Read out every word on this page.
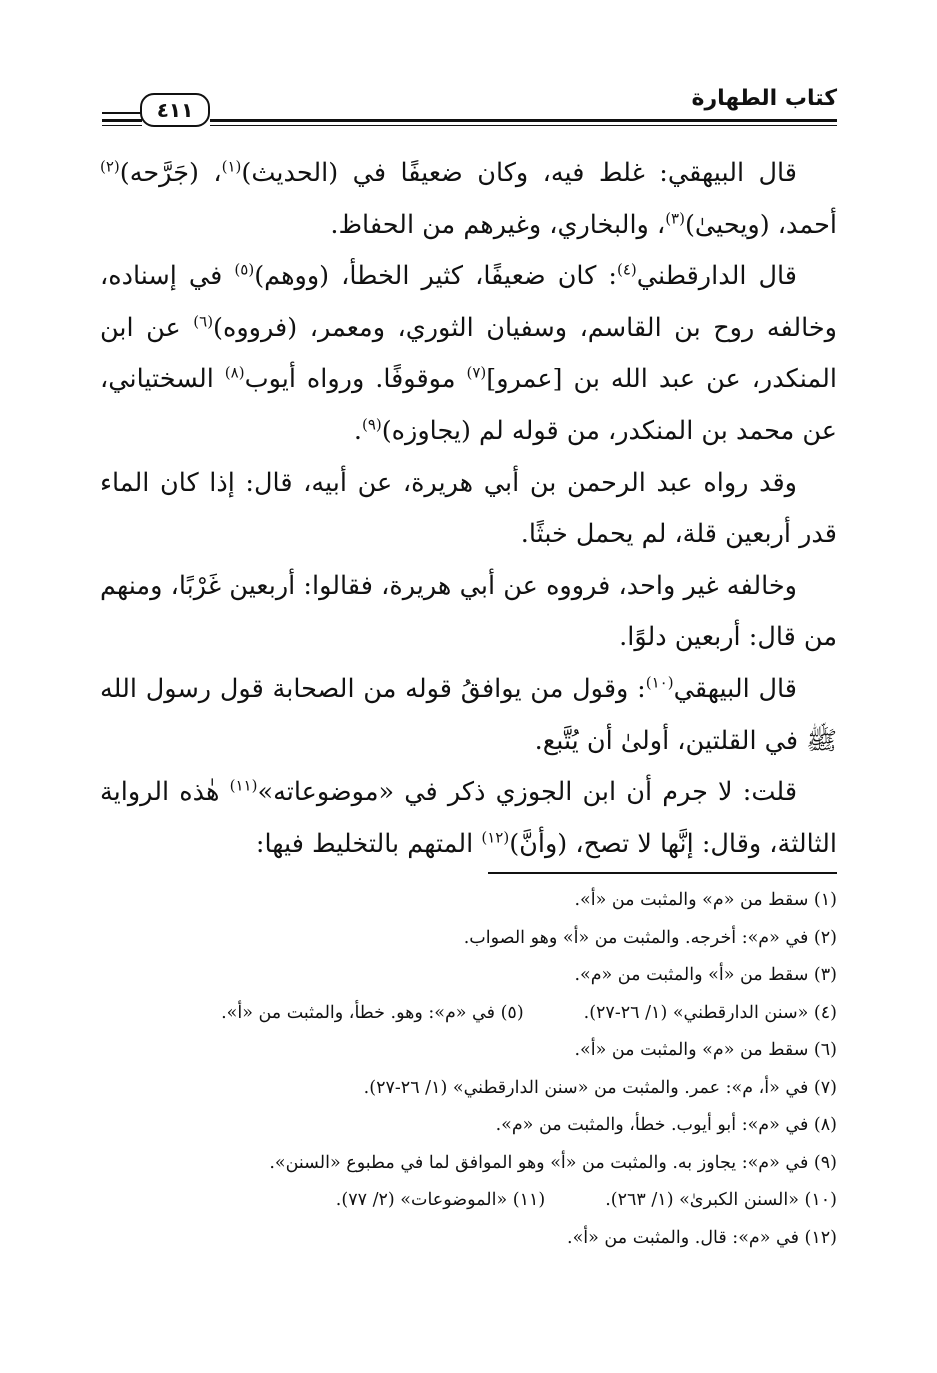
كتاب الطهارة
٤١١

قال البيهقي: غلط فيه، وكان ضعيفًا في (الحديث)$^{(١)}$، (جَرَّحه)$^{(٢)}$ أحمد، (ويحيىٰ)$^{(٣)}$، والبخاري، وغيرهم من الحفاظ.

قال الدارقطني$^{(٤)}$: كان ضعيفًا، كثير الخطأ، (ووهم)$^{(٥)}$ في إسناده، وخالفه روح بن القاسم، وسفيان الثوري، ومعمر، (فرووه)$^{(٦)}$ عن ابن المنكدر، عن عبد الله بن [عمرو]$^{(٧)}$ موقوفًا. ورواه أيوب$^{(٨)}$ السختياني، عن محمد بن المنكدر، من قوله لم (يجاوزه)$^{(٩)}$.

وقد رواه عبد الرحمن بن أبي هريرة، عن أبيه، قال: إذا كان الماء قدر أربعين قلة، لم يحمل خبثًا.

وخالفه غير واحد، فرووه عن أبي هريرة، فقالوا: أربعين غَرْبًا، ومنهم من قال: أربعين دلوًا.

قال البيهقي$^{(١٠)}$: وقول من يوافقُ قوله من الصحابة قول رسول الله ﷺ في القلتين، أولىٰ أن يُتَّبع.

قلت: لا جرم أن ابن الجوزي ذكر في «موضوعاته»$^{(١١)}$ هٰذه الرواية الثالثة، وقال: إنَّها لا تصح، (وأنَّ)$^{(١٢)}$ المتهم بالتخليط فيها:

(١) سقط من «م» والمثبت من «أ».
(٢) في «م»: أخرجه. والمثبت من «أ» وهو الصواب.
(٣) سقط من «أ» والمثبت من «م».
(٤) «سنن الدارقطني» (١/ ٢٦-٢٧).
(٥) في «م»: وهو. خطأ، والمثبت من «أ».
(٦) سقط من «م» والمثبت من «أ».
(٧) في «أ، م»: عمر. والمثبت من «سنن الدارقطني» (١/ ٢٦-٢٧).
(٨) في «م»: أبو أيوب. خطأ، والمثبت من «م».
(٩) في «م»: يجاوز به. والمثبت من «أ» وهو الموافق لما في مطبوع «السنن».
(١٠) «السنن الكبرىٰ» (١/ ٢٦٣).
(١١) «الموضوعات» (٢/ ٧٧).
(١٢) في «م»: قال. والمثبت من «أ».
